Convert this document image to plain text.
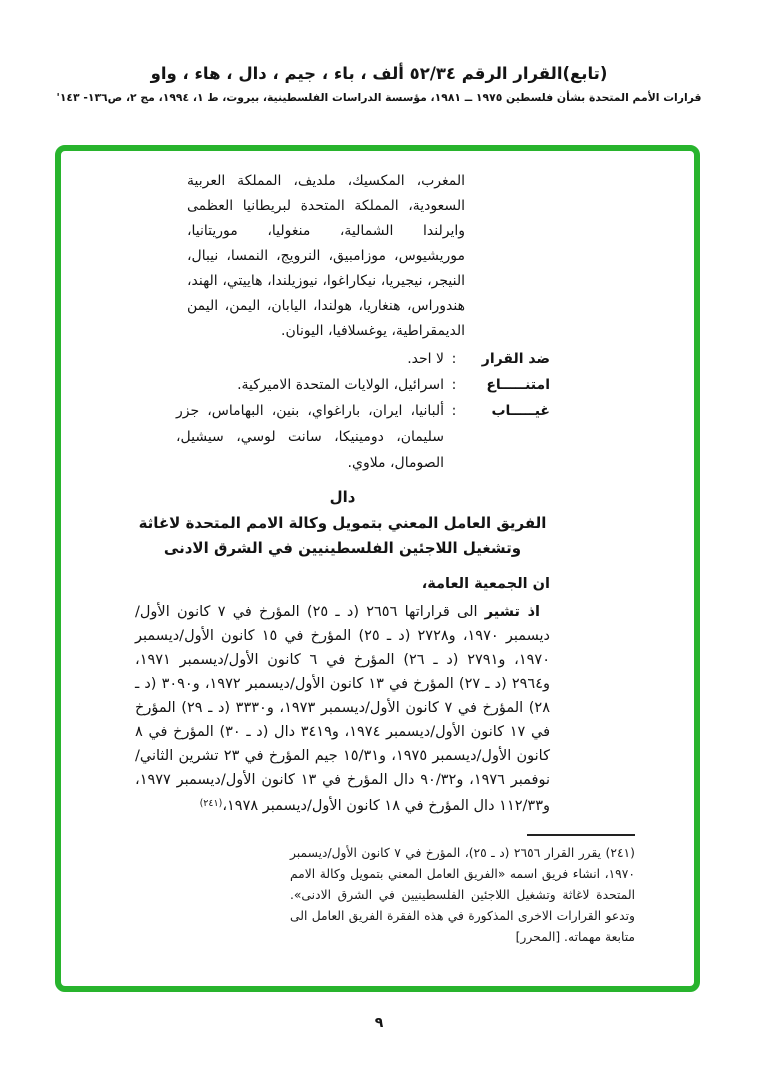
(تابع)القرار الرقم ٥٢/٣٤ ألف ، باء ، جيم ، دال ، هاء ، واو
قرارات الأمم المتحدة بشأن فلسطين ١٩٧٥ ــ ١٩٨١، مؤسسة الدراسات الفلسطينية، بيروت، ط ١، ١٩٩٤، مج ٢، ص١٣٦- ١٤٣'

المغرب، المكسيك، ملديف، المملكة العربية السعودية، المملكة المتحدة لبريطانيا العظمى وايرلندا الشمالية، منغوليا، موريتانيا، موريشيوس، موزامبيق، النرويج، النمسا، نيبال، النيجر، نيجيريا، نيكاراغوا، نيوزيلندا، هاييتي، الهند، هندوراس، هنغاريا، هولندا، اليابان، اليمن، اليمن الديمقراطية، يوغسلافيا، اليونان.

ضد القرار
:
لا احد.
امتنـــــاع
:
اسرائيل، الولايات المتحدة الاميركية.
غيـــــاب
:
ألبانيا، ايران، باراغواي، بنين، البهاماس، جزر سليمان، دومينيكا، سانت لوسي، سيشيل، الصومال، ملاوي.
دال
الفريق العامل المعني بتمويل وكالة الامم المتحدة لاغاثة
وتشغيل اللاجئين الفلسطينيين في الشرق الادنى
ان الجمعية العامة،

اذ تشير الى قراراتها ٢٦٥٦ (د ـ ٢٥) المؤرخ في ٧ كانون الأول/ديسمبر ١٩٧٠، و٢٧٢٨ (د ـ ٢٥) المؤرخ في ١٥ كانون الأول/ديسمبر ١٩٧٠، و٢٧٩١ (د ـ ٢٦) المؤرخ في ٦ كانون الأول/ديسمبر ١٩٧١، و٢٩٦٤ (د ـ ٢٧) المؤرخ في ١٣ كانون الأول/ديسمبر ١٩٧٢، و٣٠٩٠ (د ـ ٢٨) المؤرخ في ٧ كانون الأول/ديسمبر ١٩٧٣، و٣٣٣٠ (د ـ ٢٩) المؤرخ في ١٧ كانون الأول/ديسمبر ١٩٧٤، و٣٤١٩ دال (د ـ ٣٠) المؤرخ في ٨ كانون الأول/ديسمبر ١٩٧٥، و١٥/٣١ جيم المؤرخ في ٢٣ تشرين الثاني/نوفمبر ١٩٧٦، و٩٠/٣٢ دال المؤرخ في ١٣ كانون الأول/ديسمبر ١٩٧٧، و١١٢/٣٣ دال المؤرخ في ١٨ كانون الأول/ديسمبر ١٩٧٨،$^{(٢٤١)}$

(٢٤١) يقرر القرار ٢٦٥٦ (د ـ ٢٥)، المؤرخ في ٧ كانون الأول/ديسمبر ١٩٧٠، انشاء فريق اسمه «الفريق العامل المعني بتمويل وكالة الامم المتحدة لاغاثة وتشغيل اللاجئين الفلسطينيين في الشرق الادنى». وتدعو القرارات الاخرى المذكورة في هذه الفقرة الفريق العامل الى متابعة مهماته. [المحرر]

٩
